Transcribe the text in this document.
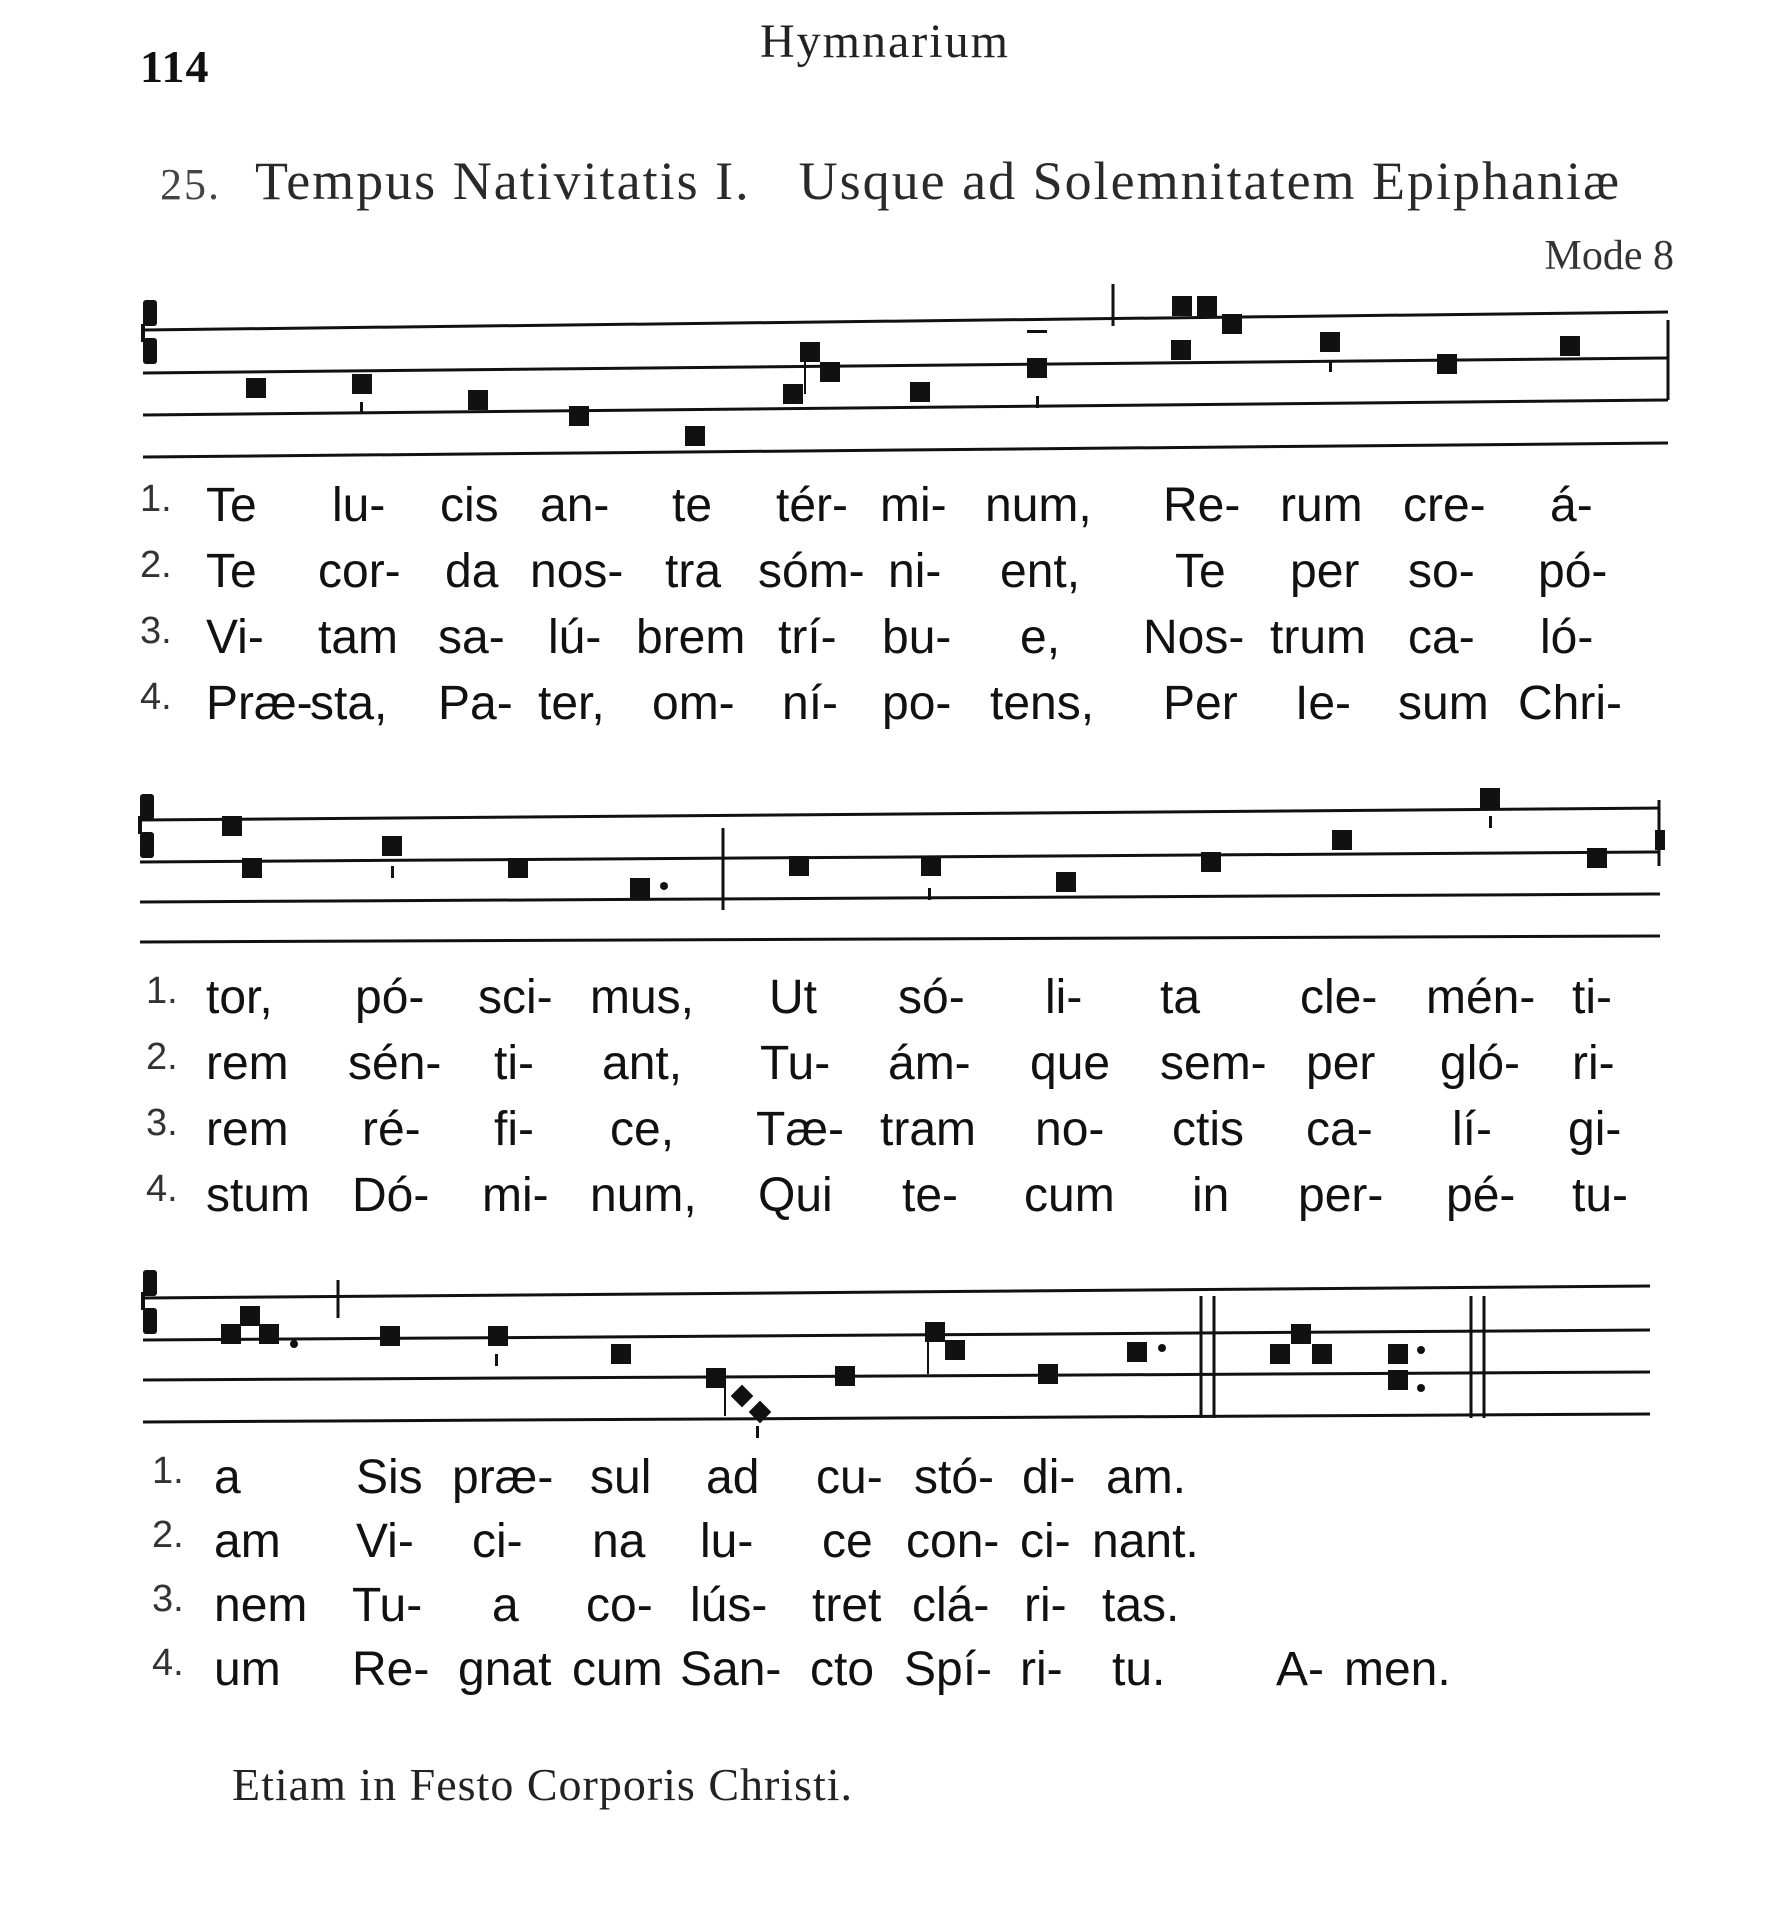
114	Hymnarium
25. Tempus Nativitatis I. Usque ad Solemnitatem Epiphaniæ
Mode 8
1. Te lu- cis an- te tér- mi- num, Re- rum cre- á-
2. Te cor- da nos- tra sóm- ni- ent, Te per so- pó-
3. Vi- tam sa- lú- brem trí- bu- e, Nos- trum ca- ló-
4. Præ-
sta, Pa- ter, om- ní- po- tens, Per Ie- sum Chri-
1. tor, pó- sci- mus, Ut só- li- ta cle- mén- ti-
2. rem sén- ti- ant, Tu- ám- que sem- per gló- ri-
3. rem ré- fi- ce, Tæ- tram no- ctis ca- lí- gi-
4. stum Dó- mi- num, Qui te- cum in per- pé- tu-
1. a Sis præ- sul ad cu- stó- di- am.
2. am Vi- ci- na lu- ce con- ci- nant.
3. nem Tu- a co- lús- tret clá- ri- tas.
4. um Re- gnat cum San- cto Spí- ri- tu. A- men.
Etiam in Festo Corporis Christi.
